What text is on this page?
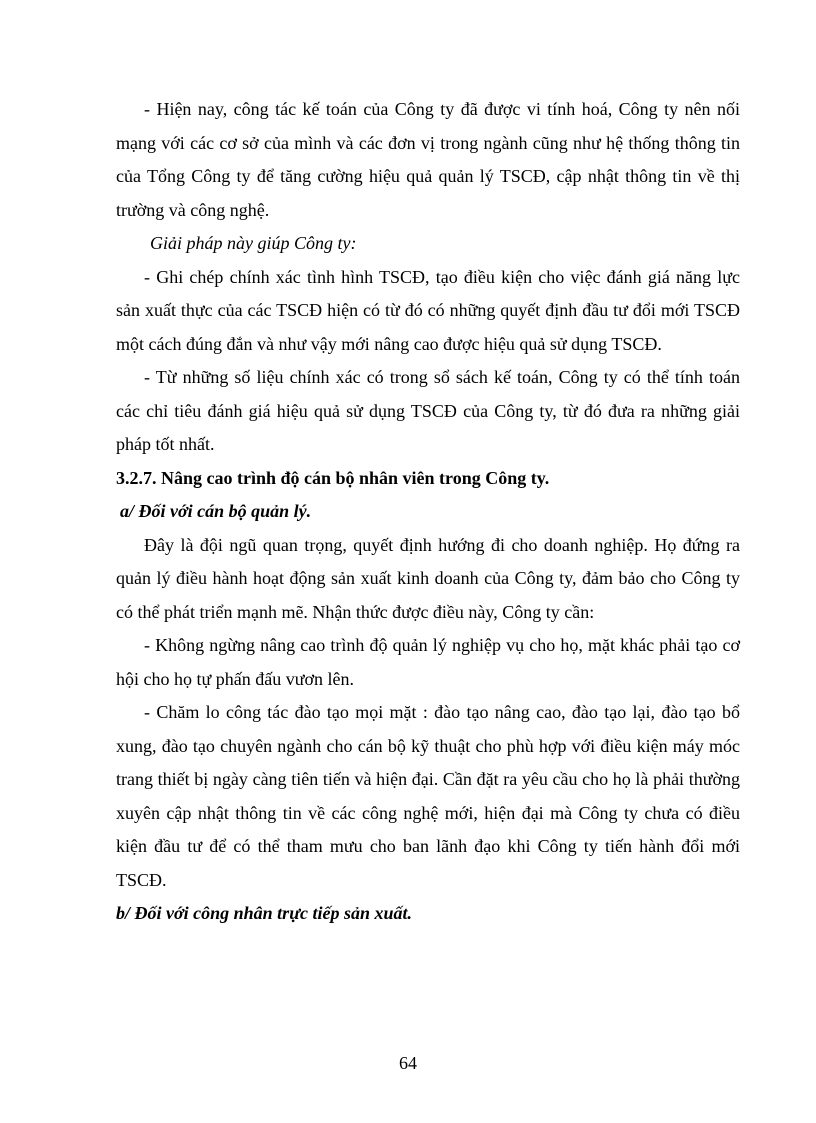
- Hiện nay, công tác kế toán của Công ty đã được vi tính hoá, Công ty nên nối mạng với các cơ sở của mình và các đơn vị trong ngành cũng như hệ thống thông tin của Tổng Công ty để tăng cường hiệu quả quản lý TSCĐ, cập nhật thông tin về thị trường và công nghệ.

Giải pháp này giúp Công ty:

- Ghi chép chính xác tình hình TSCĐ, tạo điều kiện cho việc đánh giá năng lực sản xuất thực của các TSCĐ hiện có từ đó có những quyết định đầu tư đổi mới TSCĐ một cách đúng đắn và như vậy mới nâng cao được hiệu quả sử dụng TSCĐ.

- Từ những số liệu chính xác có trong sổ sách kế toán, Công ty có thể tính toán các chỉ tiêu đánh giá hiệu quả sử dụng TSCĐ của Công ty, từ đó đưa ra những giải pháp tốt nhất.

3.2.7. Nâng cao trình độ cán bộ nhân viên trong Công ty.

a/ Đối với cán bộ quản lý.

Đây là đội ngũ quan trọng, quyết định hướng đi cho doanh nghiệp. Họ đứng ra quản lý điều hành hoạt động sản xuất kinh doanh của Công ty, đảm bảo cho Công ty có thể phát triển mạnh mẽ. Nhận thức được điều này, Công ty cần:

- Không ngừng nâng cao trình độ quản lý nghiệp vụ cho họ, mặt khác phải tạo cơ hội cho họ tự phấn đấu vươn lên.

- Chăm lo công tác đào tạo mọi mặt : đào tạo nâng cao, đào tạo lại, đào tạo bổ xung, đào tạo chuyên ngành cho cán bộ kỹ thuật cho phù hợp với điều kiện máy móc trang thiết bị ngày càng tiên tiến và hiện đại. Cần đặt ra yêu cầu cho họ là phải thường xuyên cập nhật thông tin về các công nghệ mới, hiện đại mà Công ty chưa có điều kiện đầu tư để có thể tham mưu cho ban lãnh đạo khi Công ty tiến hành đổi mới TSCĐ.

b/ Đối với công nhân trực tiếp sản xuất.

64
